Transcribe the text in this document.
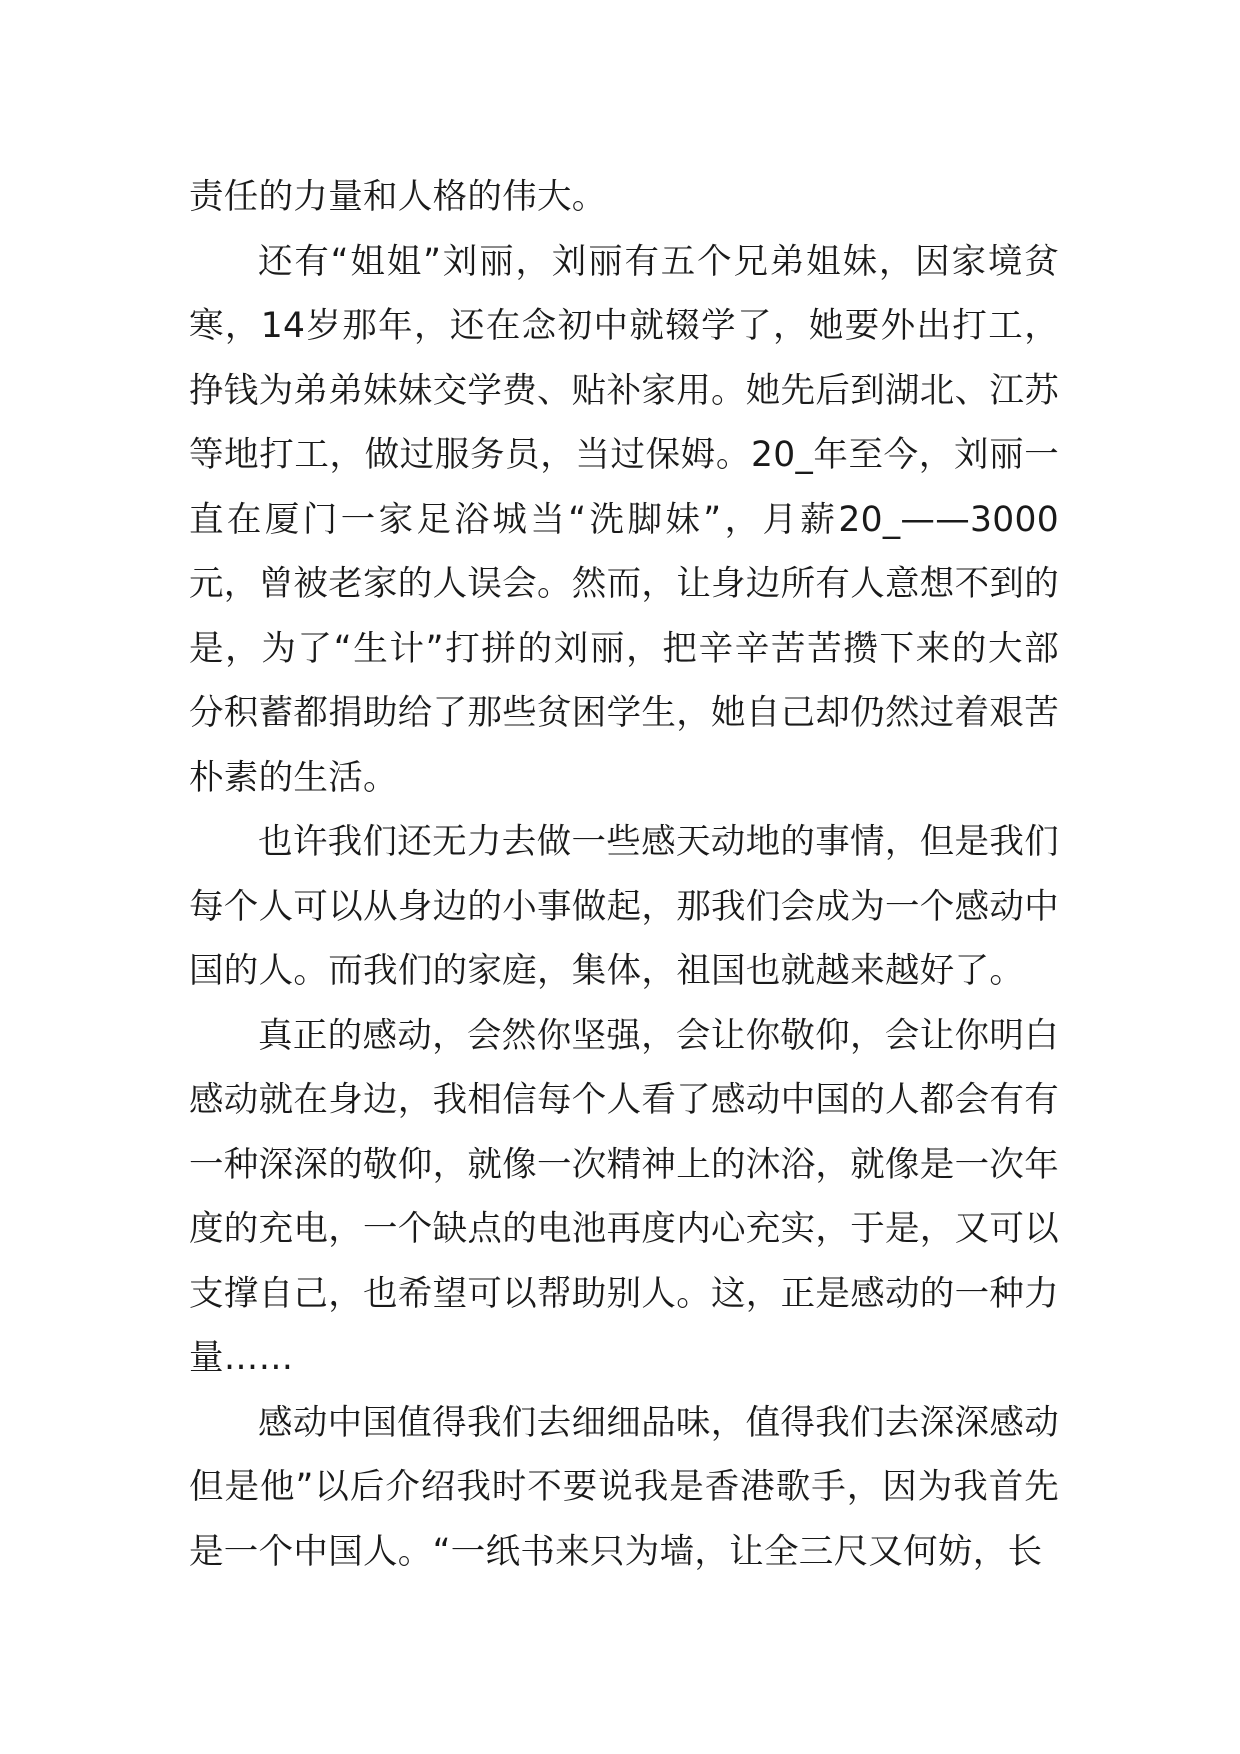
责任的力量和人格的伟大。

还有“姐姐”刘丽，刘丽有五个兄弟姐妹，因家境贫寒，14岁那年，还在念初中就辍学了，她要外出打工，挣钱为弟弟妹妹交学费、贴补家用。她先后到湖北、江苏等地打工，做过服务员，当过保姆。20_年至今，刘丽一直在厦门一家足浴城当“洗脚妹”，月薪20_——3000元，曾被老家的人误会。然而，让身边所有人意想不到的是，为了“生计”打拼的刘丽，把辛辛苦苦攒下来的大部分积蓄都捐助给了那些贫困学生，她自己却仍然过着艰苦朴素的生活。

也许我们还无力去做一些感天动地的事情，但是我们每个人可以从身边的小事做起，那我们会成为一个感动中国的人。而我们的家庭，集体，祖国也就越来越好了。

真正的感动，会然你坚强，会让你敬仰，会让你明白感动就在身边，我相信每个人看了感动中国的人都会有有一种深深的敬仰，就像一次精神上的沐浴，就像是一次年度的充电，一个缺点的电池再度内心充实，于是，又可以支撑自己，也希望可以帮助别人。这，正是感动的一种力量……

感动中国值得我们去细细品味，值得我们去深深感动但是他”以后介绍我时不要说我是香港歌手，因为我首先是一个中国人。“一纸书来只为墙，让全三尺又何妨，长
